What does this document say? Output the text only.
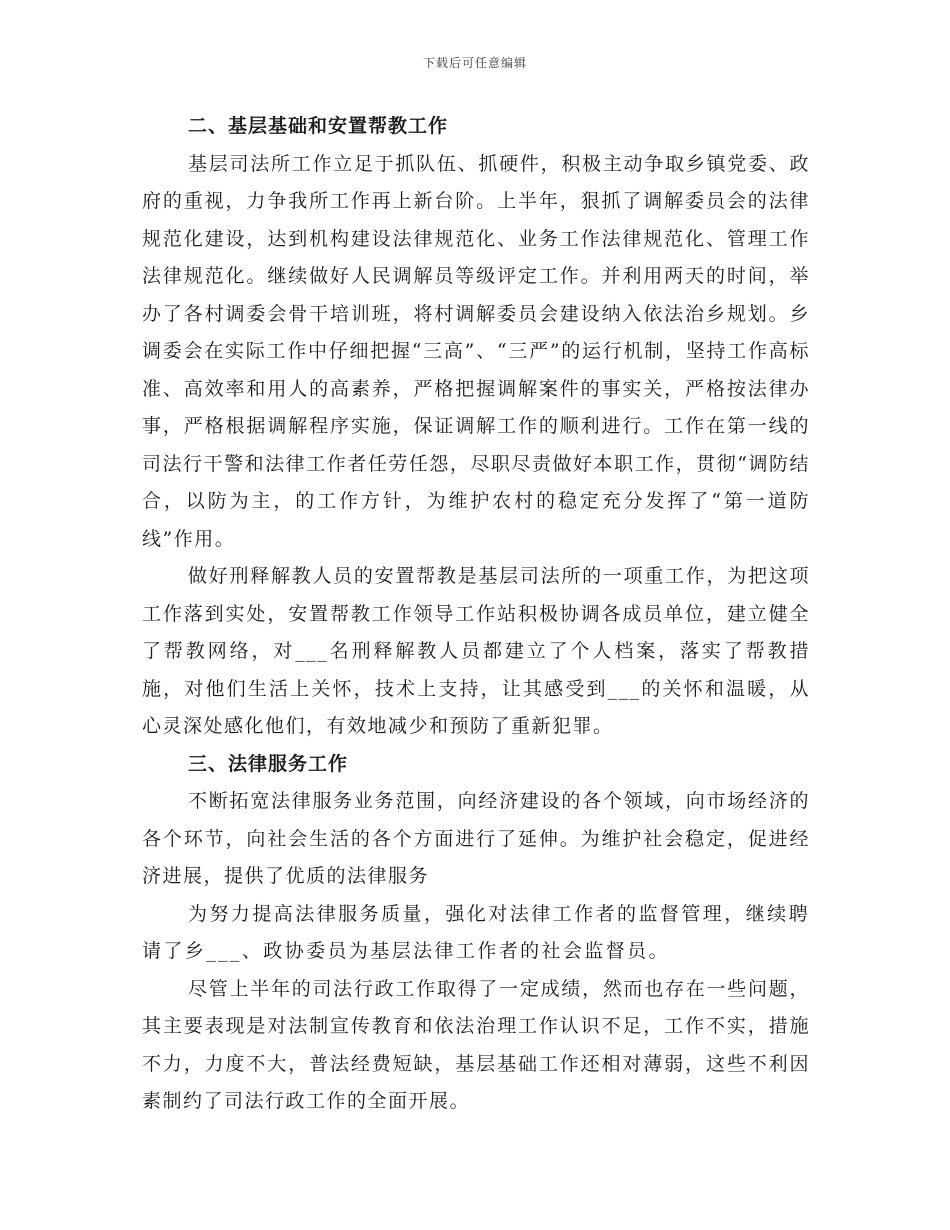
下载后可任意编辑
二、基层基础和安置帮教工作

基层司法所工作立足于抓队伍、抓硬件，积极主动争取乡镇党委、政府的重视，力争我所工作再上新台阶。上半年，狠抓了调解委员会的法律规范化建设，达到机构建设法律规范化、业务工作法律规范化、管理工作法律规范化。继续做好人民调解员等级评定工作。并利用两天的时间，举办了各村调委会骨干培训班，将村调解委员会建设纳入依法治乡规划。乡调委会在实际工作中仔细把握“三高”、“三严”的运行机制，坚持工作高标准、高效率和用人的高素养，严格把握调解案件的事实关，严格按法律办事，严格根据调解程序实施，保证调解工作的顺利进行。工作在第一线的司法行干警和法律工作者任劳任怨，尽职尽责做好本职工作，贯彻“调防结合，以防为主，的工作方针，为维护农村的稳定充分发挥了“第一道防线”作用。

做好刑释解教人员的安置帮教是基层司法所的一项重工作，为把这项工作落到实处，安置帮教工作领导工作站积极协调各成员单位，建立健全了帮教网络，对___名刑释解教人员都建立了个人档案，落实了帮教措施，对他们生活上关怀，技术上支持，让其感受到___的关怀和温暖，从心灵深处感化他们，有效地减少和预防了重新犯罪。

三、法律服务工作

不断拓宽法律服务业务范围，向经济建设的各个领域，向市场经济的各个环节，向社会生活的各个方面进行了延伸。为维护社会稳定，促进经济进展，提供了优质的法律服务

为努力提高法律服务质量，强化对法律工作者的监督管理，继续聘请了乡___、政协委员为基层法律工作者的社会监督员。

尽管上半年的司法行政工作取得了一定成绩，然而也存在一些问题，其主要表现是对法制宣传教育和依法治理工作认识不足，工作不实，措施不力，力度不大，普法经费短缺，基层基础工作还相对薄弱，这些不利因素制约了司法行政工作的全面开展。
